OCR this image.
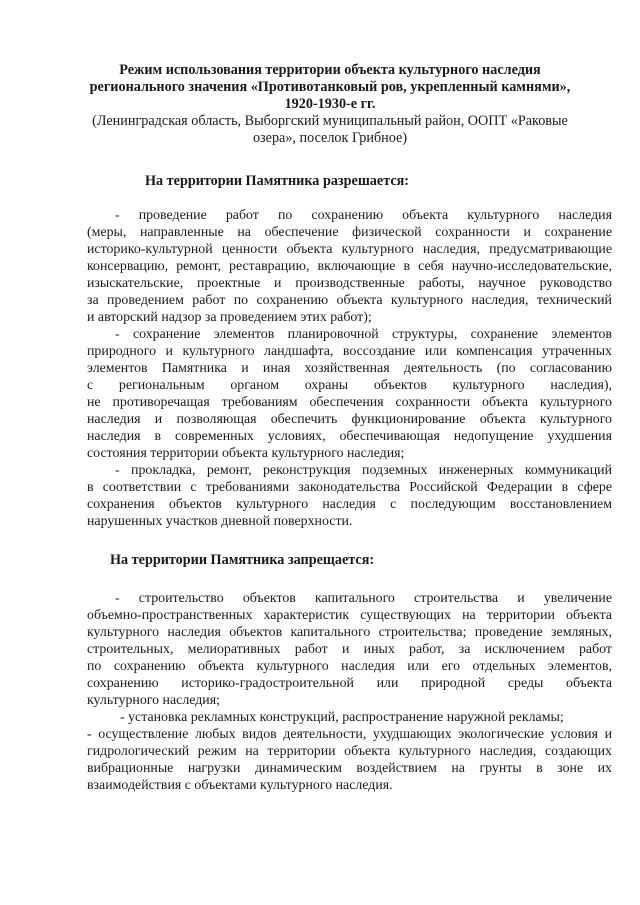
Режим использования территории объекта культурного наследия
регионального значения «Противотанковый ров, укрепленный камнями»,
1920-1930-е гг.
(Ленинградская область, Выборгский муниципальный район, ООПТ «Раковые
озера», поселок Грибное)
На территории Памятника разрешается:
- проведение работ по сохранению объекта культурного наследия
(меры, направленные на обеспечение физической сохранности и сохранение
историко-культурной ценности объекта культурного наследия, предусматривающие
консервацию, ремонт, реставрацию, включающие в себя научно-исследовательские,
изыскательские, проектные и производственные работы, научное руководство
за проведением работ по сохранению объекта культурного наследия, технический
и авторский надзор за проведением этих работ);
- сохранение элементов планировочной структуры, сохранение элементов
природного и культурного ландшафта, воссоздание или компенсация утраченных
элементов Памятника и иная хозяйственная деятельность (по согласованию
с региональным органом охраны объектов культурного наследия),
не противоречащая требованиям обеспечения сохранности объекта культурного
наследия и позволяющая обеспечить функционирование объекта культурного
наследия в современных условиях, обеспечивающая недопущение ухудшения
состояния территории объекта культурного наследия;
- прокладка, ремонт, реконструкция подземных инженерных коммуникаций
в соответствии с требованиями законодательства Российской Федерации в сфере
сохранения объектов культурного наследия с последующим восстановлением
нарушенных участков дневной поверхности.
На территории Памятника запрещается:
- строительство объектов капитального строительства и увеличение
объемно-пространственных характеристик существующих на территории объекта
культурного наследия объектов капитального строительства; проведение земляных,
строительных, мелиоративных работ и иных работ, за исключением работ
по сохранению объекта культурного наследия или его отдельных элементов,
сохранению историко-градостроительной или природной среды объекта
культурного наследия;
- установка рекламных конструкций, распространение наружной рекламы;
- осуществление любых видов деятельности, ухудшающих экологические условия и
гидрологический режим на территории объекта культурного наследия, создающих
вибрационные нагрузки динамическим воздействием на грунты в зоне их
взаимодействия с объектами культурного наследия.
